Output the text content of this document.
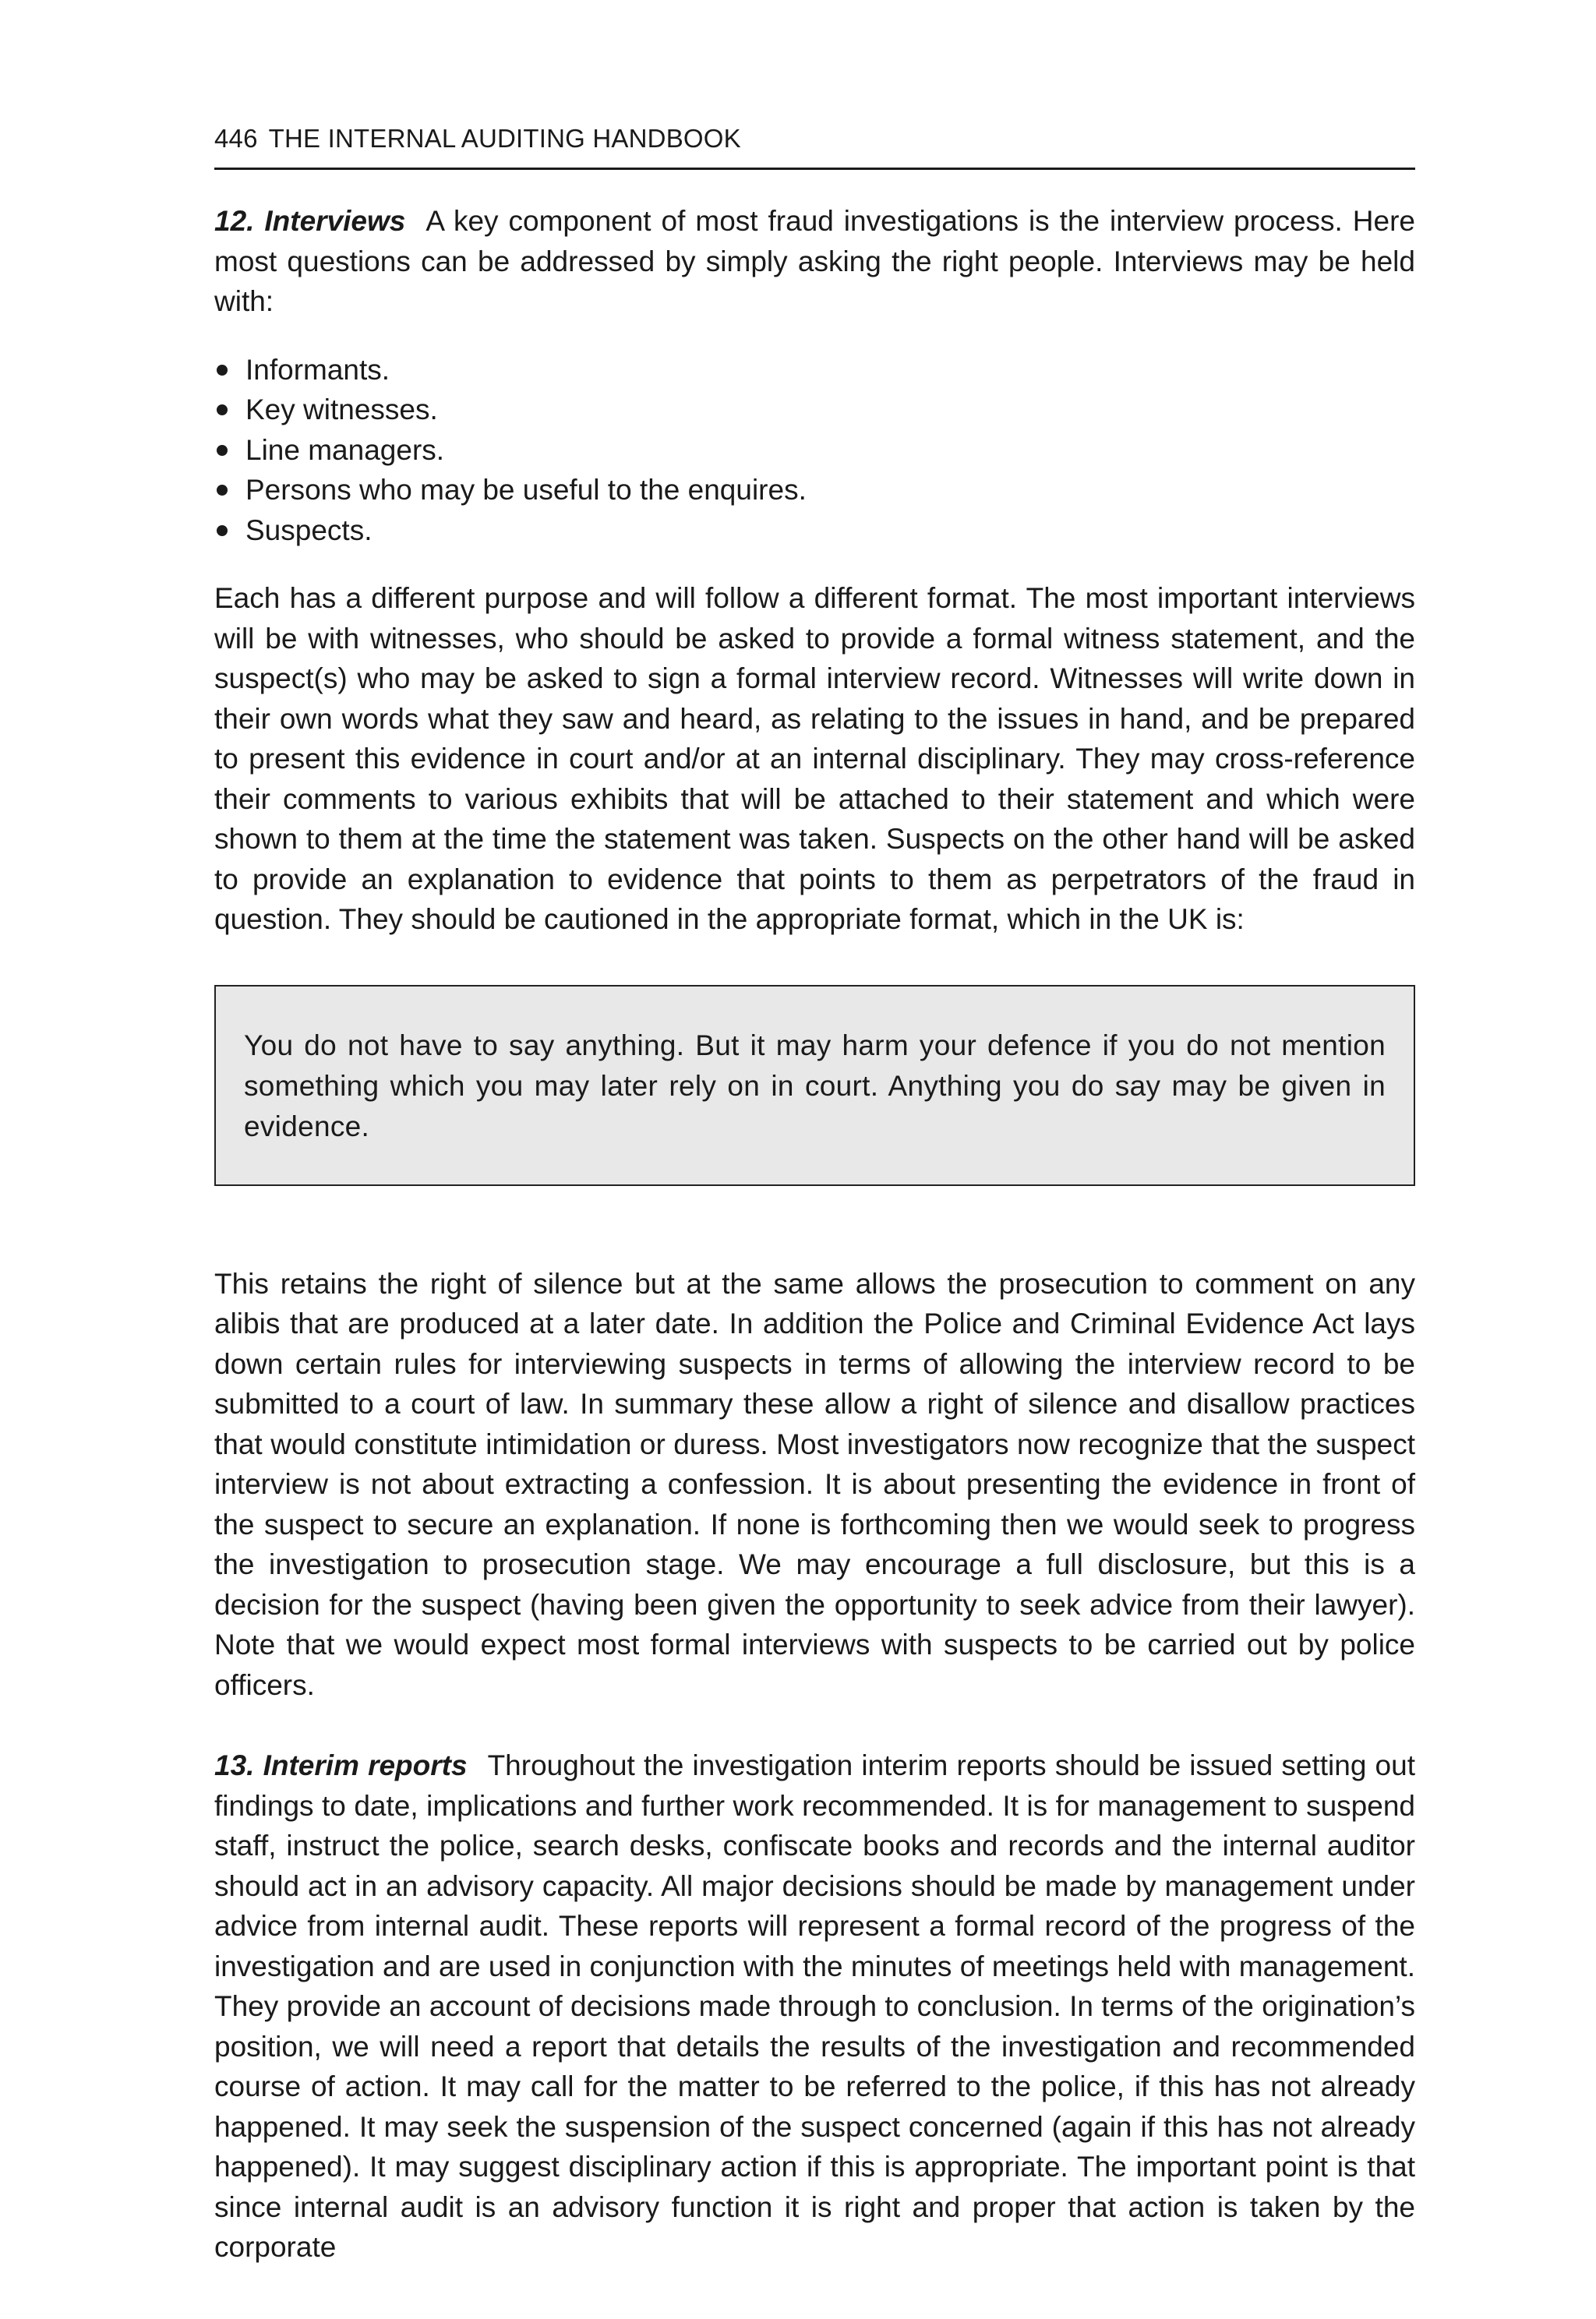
446 THE INTERNAL AUDITING HANDBOOK

12. Interviews A key component of most fraud investigations is the interview process. Here most questions can be addressed by simply asking the right people. Interviews may be held with:

Informants.
Key witnesses.
Line managers.
Persons who may be useful to the enquires.
Suspects.

Each has a different purpose and will follow a different format. The most important interviews will be with witnesses, who should be asked to provide a formal witness statement, and the suspect(s) who may be asked to sign a formal interview record. Witnesses will write down in their own words what they saw and heard, as relating to the issues in hand, and be prepared to present this evidence in court and/or at an internal disciplinary. They may cross-reference their comments to various exhibits that will be attached to their statement and which were shown to them at the time the statement was taken. Suspects on the other hand will be asked to provide an explanation to evidence that points to them as perpetrators of the fraud in question. They should be cautioned in the appropriate format, which in the UK is:

You do not have to say anything. But it may harm your defence if you do not mention something which you may later rely on in court. Anything you do say may be given in evidence.

This retains the right of silence but at the same allows the prosecution to comment on any alibis that are produced at a later date. In addition the Police and Criminal Evidence Act lays down certain rules for interviewing suspects in terms of allowing the interview record to be submitted to a court of law. In summary these allow a right of silence and disallow practices that would constitute intimidation or duress. Most investigators now recognize that the suspect interview is not about extracting a confession. It is about presenting the evidence in front of the suspect to secure an explanation. If none is forthcoming then we would seek to progress the investigation to prosecution stage. We may encourage a full disclosure, but this is a decision for the suspect (having been given the opportunity to seek advice from their lawyer). Note that we would expect most formal interviews with suspects to be carried out by police officers.

13. Interim reports Throughout the investigation interim reports should be issued setting out findings to date, implications and further work recommended. It is for management to suspend staff, instruct the police, search desks, confiscate books and records and the internal auditor should act in an advisory capacity. All major decisions should be made by management under advice from internal audit. These reports will represent a formal record of the progress of the investigation and are used in conjunction with the minutes of meetings held with management. They provide an account of decisions made through to conclusion. In terms of the origination’s position, we will need a report that details the results of the investigation and recommended course of action. It may call for the matter to be referred to the police, if this has not already happened. It may seek the suspension of the suspect concerned (again if this has not already happened). It may suggest disciplinary action if this is appropriate. The important point is that since internal audit is an advisory function it is right and proper that action is taken by the corporate
